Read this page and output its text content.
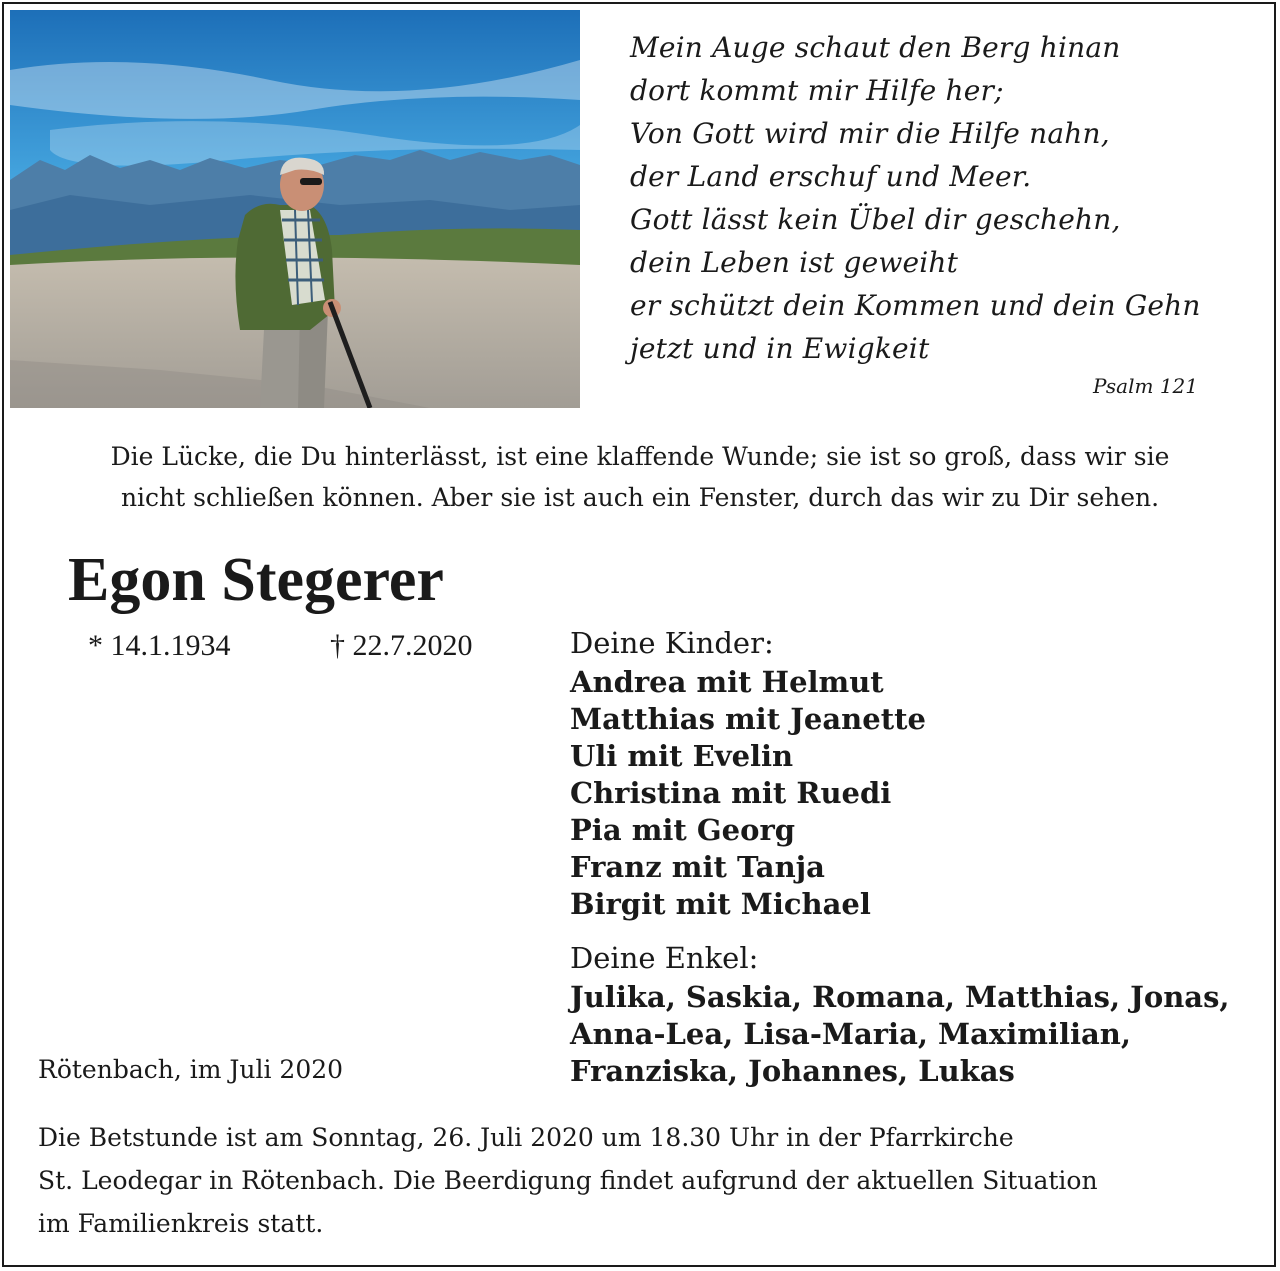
Mein Auge schaut den Berg hinan
dort kommt mir Hilfe her;
Von Gott wird mir die Hilfe nahn,
der Land erschuf und Meer.
Gott lässt kein Übel dir geschehn,
dein Leben ist geweiht
er schützt dein Kommen und dein Gehn
jetzt und in Ewigkeit
Psalm 121
Die Lücke, die Du hinterlässt, ist eine klaffende Wunde; sie ist so groß, dass wir sie
nicht schließen können. Aber sie ist auch ein Fenster, durch das wir zu Dir sehen.
Egon Stegerer
* 14.1.1934	† 22.7.2020	Deine Kinder:
Andrea mit Helmut
Matthias mit Jeanette
Uli mit Evelin
Christina mit Ruedi
Pia mit Georg
Franz mit Tanja
Birgit mit Michael
Deine Enkel:
Julika, Saskia, Romana, Matthias, Jonas,
Anna-Lea, Lisa-Maria, Maximilian,
Franziska, Johannes, Lukas
Rötenbach, im Juli 2020
Die Betstunde ist am Sonntag, 26. Juli 2020 um 18.30 Uhr in der Pfarrkirche
St. Leodegar in Rötenbach. Die Beerdigung findet aufgrund der aktuellen Situation
im Familienkreis statt.
